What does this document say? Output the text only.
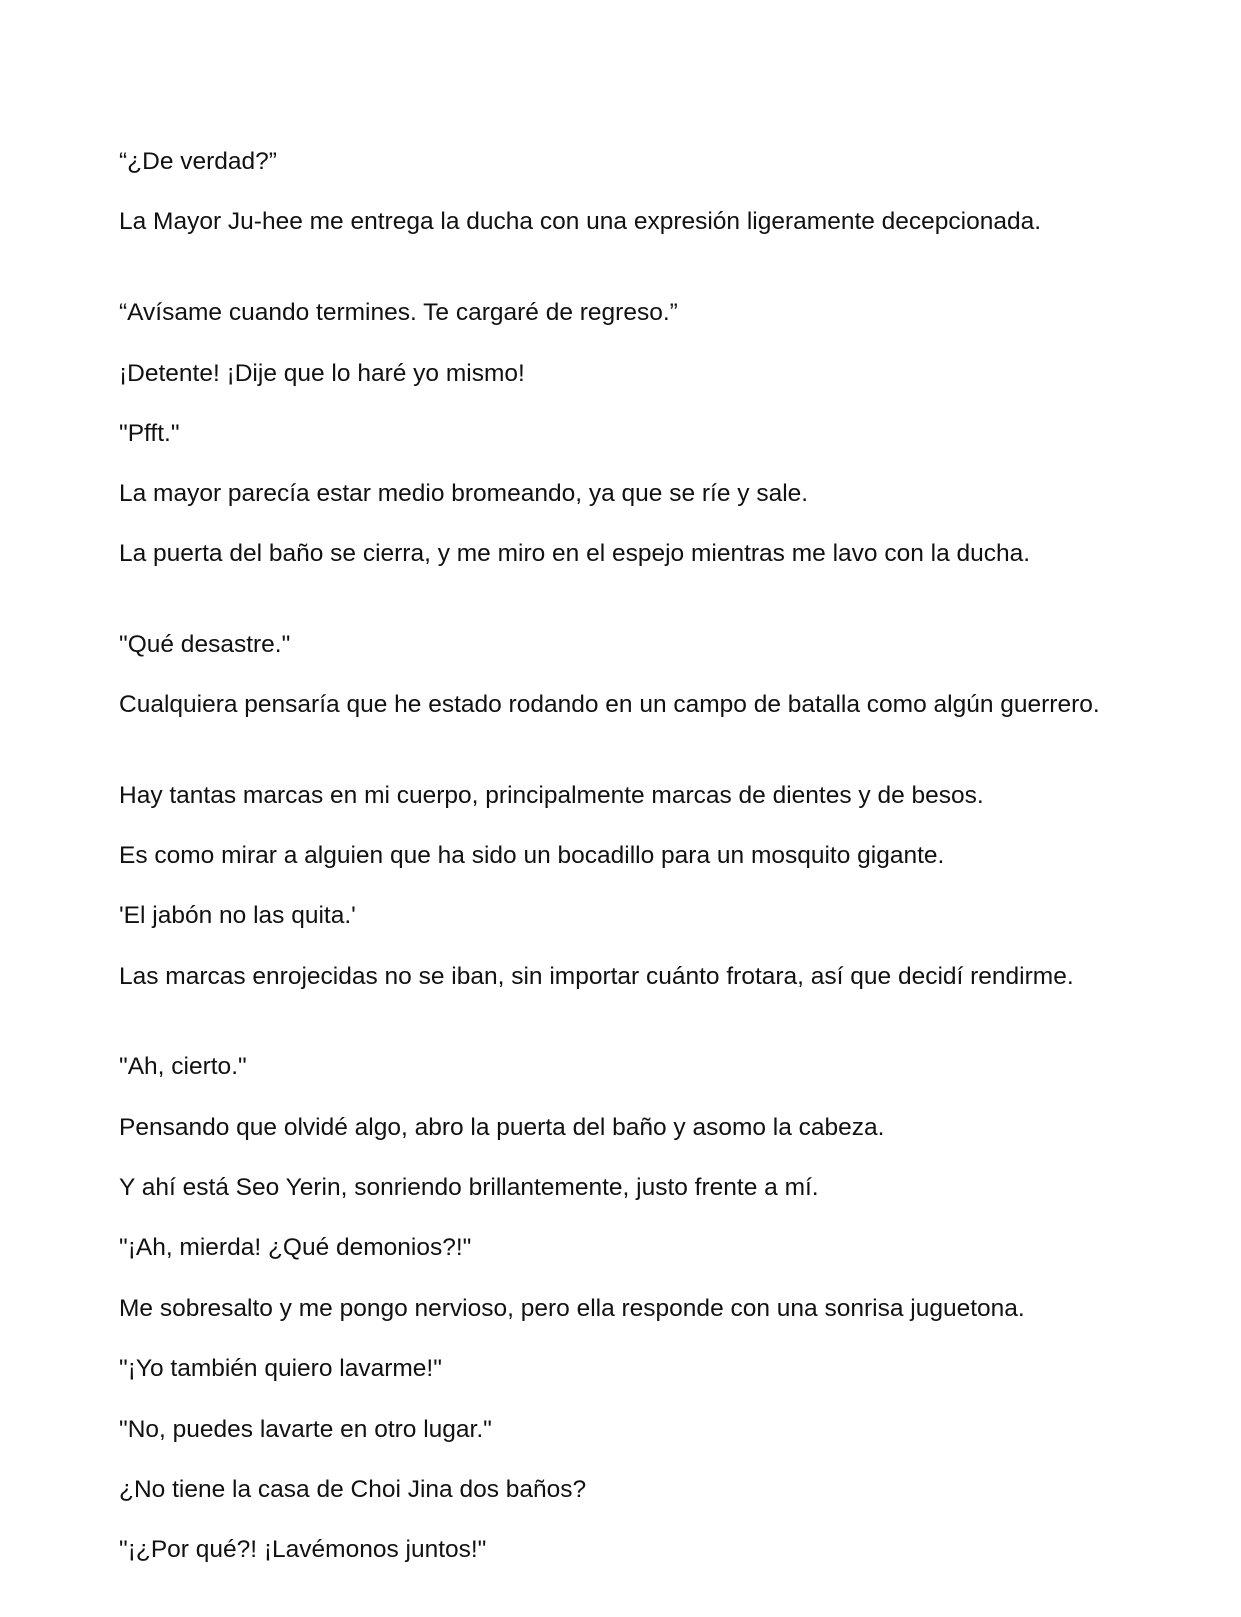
“¿De verdad?”

La Mayor Ju-hee me entrega la ducha con una expresión ligeramente decepcionada.

“Avísame cuando termines. Te cargaré de regreso.”

¡Detente! ¡Dije que lo haré yo mismo!

"Pfft."

La mayor parecía estar medio bromeando, ya que se ríe y sale.

La puerta del baño se cierra, y me miro en el espejo mientras me lavo con la ducha.

"Qué desastre."

Cualquiera pensaría que he estado rodando en un campo de batalla como algún guerrero.

Hay tantas marcas en mi cuerpo, principalmente marcas de dientes y de besos.

Es como mirar a alguien que ha sido un bocadillo para un mosquito gigante.

'El jabón no las quita.'

Las marcas enrojecidas no se iban, sin importar cuánto frotara, así que decidí rendirme.

"Ah, cierto."

Pensando que olvidé algo, abro la puerta del baño y asomo la cabeza.

Y ahí está Seo Yerin, sonriendo brillantemente, justo frente a mí.

"¡Ah, mierda! ¿Qué demonios?!"

Me sobresalto y me pongo nervioso, pero ella responde con una sonrisa juguetona.

"¡Yo también quiero lavarme!"

"No, puedes lavarte en otro lugar."

¿No tiene la casa de Choi Jina dos baños?

"¡¿Por qué?! ¡Lavémonos juntos!"
